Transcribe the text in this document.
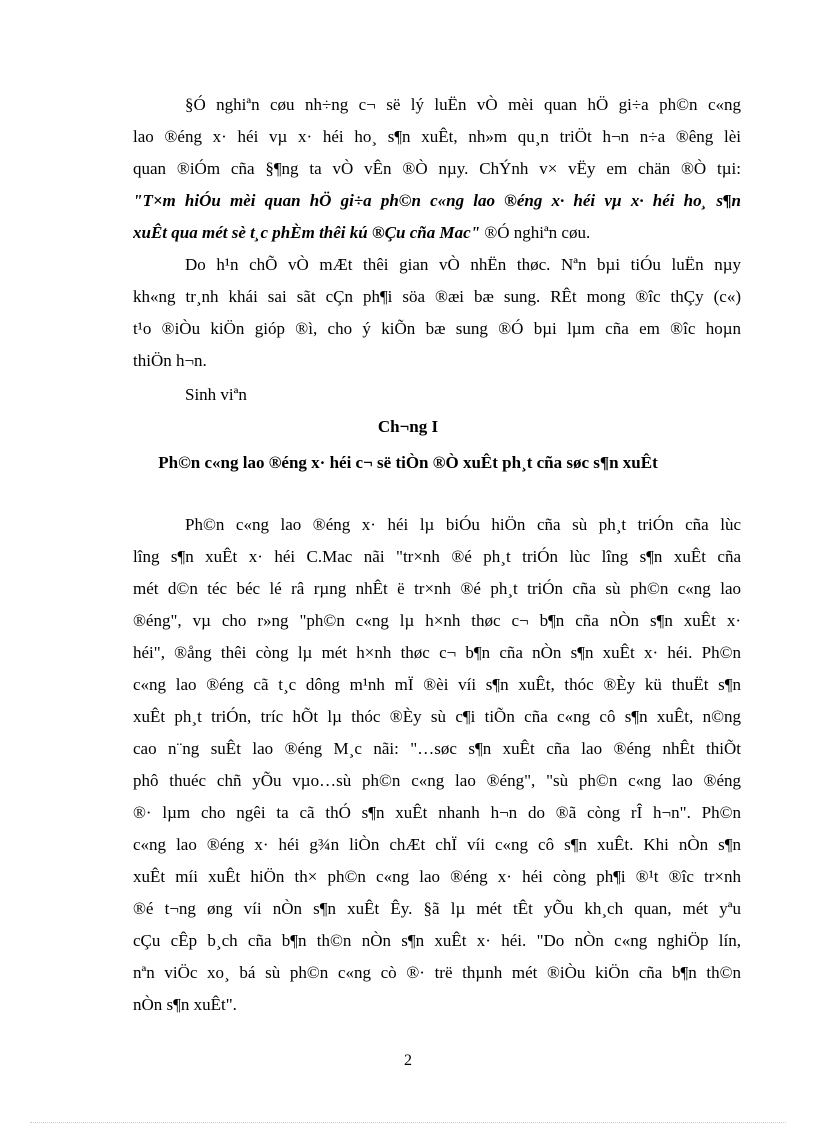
§Ó nghiªn cøu nh÷ng c¬ së lý luËn vÒ mèi quan hÖ gi÷a ph©n c«ng
lao ®éng x· héi vµ x· héi ho¸ s¶n xuÊt, nh»m qu¸n triÖt h¬n n÷a ®êng lèi
quan ®iÓm cña §¶ng ta vÒ vÊn ®Ò nµy. ChÝnh v× vËy em chän ®Ò tµi:
"T×m hiÓu mèi quan hÖ gi÷a ph©n c«ng lao ®éng x· héi vµ x· héi ho¸ s¶n
xuÊt qua mét sè t¸c phÈm thêi kú ®Çu cña Mac" ®Ó nghiªn cøu.
Do h¹n chÕ vÒ mÆt thêi gian vÒ nhËn thøc. Nªn bµi tiÓu luËn nµy
kh«ng tr¸nh khái sai sãt cÇn ph¶i söa ®æi bæ sung. RÊt mong ®îc thÇy (c«)
t¹o ®iÒu kiÖn gióp ®ì, cho ý kiÕn bæ sung ®Ó bµi lµm cña em ®îc hoµn
thiÖn h¬n.
Sinh viªn
Ch¬ng I
Ph©n c«ng lao ®éng x· héi c¬ së tiÒn ®Ò xuÊt ph¸t cña søc s¶n xuÊt
Ph©n c«ng lao ®éng x· héi lµ biÓu hiÖn cña sù ph¸t triÓn cña lùc
lîng s¶n xuÊt x· héi C.Mac nãi "tr×nh ®é ph¸t triÓn lùc lîng s¶n xuÊt cña
mét d©n téc béc lé râ rµng nhÊt ë tr×nh ®é ph¸t triÓn cña sù ph©n c«ng lao
®éng", vµ cho r»ng "ph©n c«ng lµ h×nh thøc c¬ b¶n cña nÒn s¶n xuÊt x·
héi", ®ång thêi còng lµ mét h×nh thøc c¬ b¶n cña nÒn s¶n xuÊt x· héi. Ph©n
c«ng lao ®éng cã t¸c dông m¹nh mÏ ®èi víi s¶n xuÊt, thóc ®Èy kü thuËt s¶n
xuÊt ph¸t triÓn, tríc hÕt lµ thóc ®Èy sù c¶i tiÕn cña c«ng cô s¶n xuÊt, n©ng
cao n¨ng suÊt lao ®éng M¸c nãi: "…søc s¶n xuÊt cña lao ®éng nhÊt thiÕt
phô thuéc chñ yÕu vµo…sù ph©n c«ng lao ®éng", "sù ph©n c«ng lao ®éng
®· lµm cho ngêi ta cã thÓ s¶n xuÊt nhanh h¬n do ®ã còng rÎ h¬n". Ph©n
c«ng lao ®éng x· héi g¾n liÒn chÆt chÏ víi c«ng cô s¶n xuÊt. Khi nÒn s¶n
xuÊt míi xuÊt hiÖn th× ph©n c«ng lao ®éng x· héi còng ph¶i ®¹t ®îc tr×nh
®é t¬ng øng víi nÒn s¶n xuÊt Êy. §ã lµ mét tÊt yÕu kh¸ch quan, mét yªu
cÇu cÊp b¸ch cña b¶n th©n nÒn s¶n xuÊt x· héi. "Do nÒn c«ng nghiÖp lín,
nªn viÖc xo¸ bá sù ph©n c«ng cò ®· trë thµnh mét ®iÒu kiÖn cña b¶n th©n
nÒn s¶n xuÊt".
2
